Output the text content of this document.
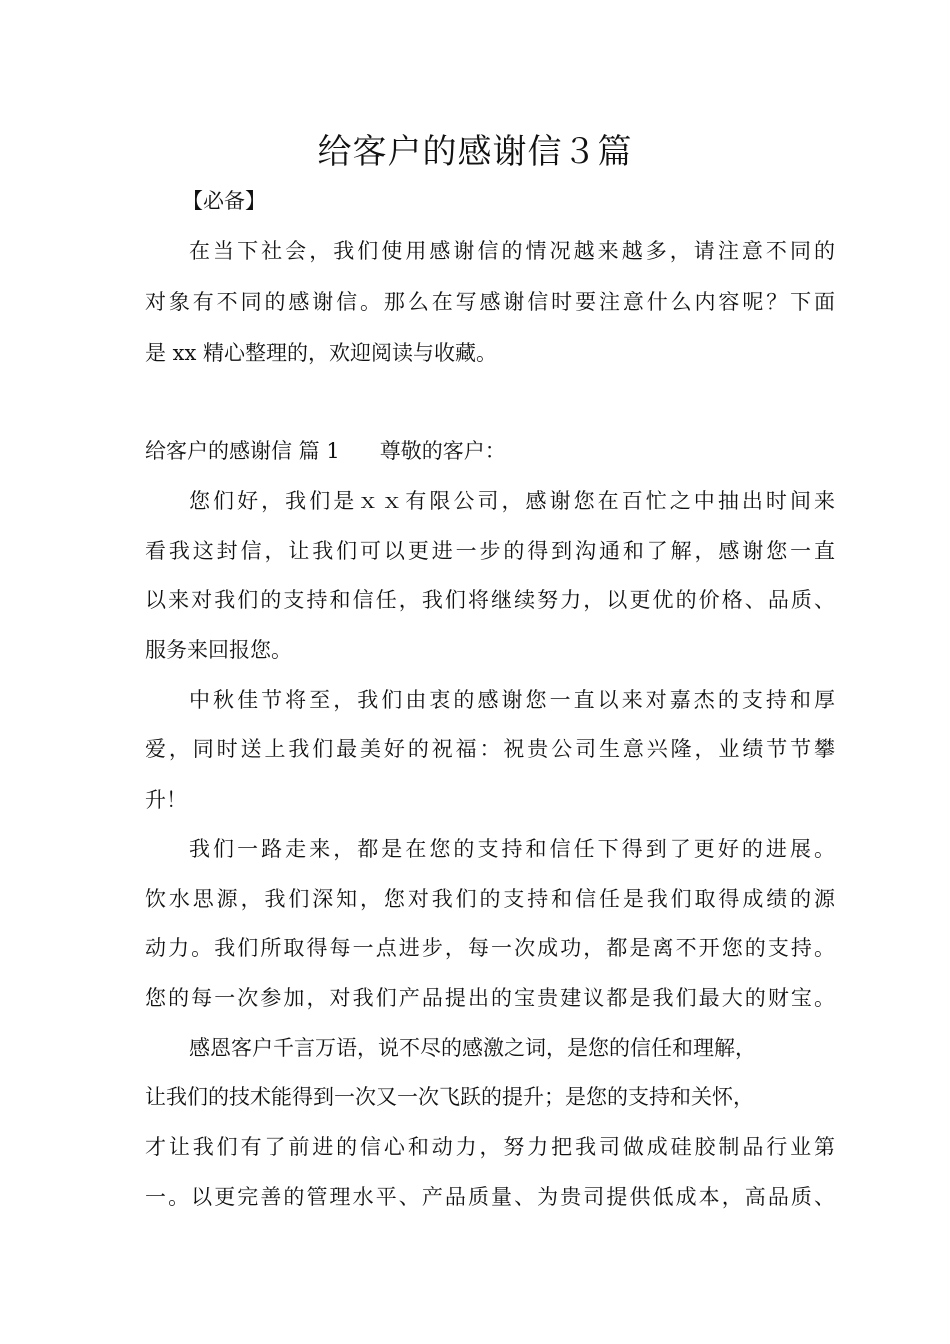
给客户的感谢信３篇

【必备】

在当下社会，我们使用感谢信的情况越来越多，请注意不同的

对象有不同的感谢信。那么在写感谢信时要注意什么内容呢？下面

是 xx 精心整理的，欢迎阅读与收藏。

给客户的感谢信 篇 1 尊敬的客户：

您们好，我们是ｘｘ有限公司，感谢您在百忙之中抽出时间来

看我这封信，让我们可以更进一步的得到沟通和了解，感谢您一直

以来对我们的支持和信任，我们将继续努力，以更优的价格、品质、

服务来回报您。

中秋佳节将至，我们由衷的感谢您一直以来对嘉杰的支持和厚

爱，同时送上我们最美好的祝福：祝贵公司生意兴隆，业绩节节攀

升！

我们一路走来，都是在您的支持和信任下得到了更好的进展。

饮水思源，我们深知，您对我们的支持和信任是我们取得成绩的源

动力。我们所取得每一点进步，每一次成功，都是离不开您的支持。

您的每一次参加，对我们产品提出的宝贵建议都是我们最大的财宝。

感恩客户千言万语，说不尽的感激之词，是您的信任和理解，

让我们的技术能得到一次又一次飞跃的提升；是您的支持和关怀，

才让我们有了前进的信心和动力，努力把我司做成硅胶制品行业第

一。以更完善的管理水平、产品质量、为贵司提供低成本，高品质、
